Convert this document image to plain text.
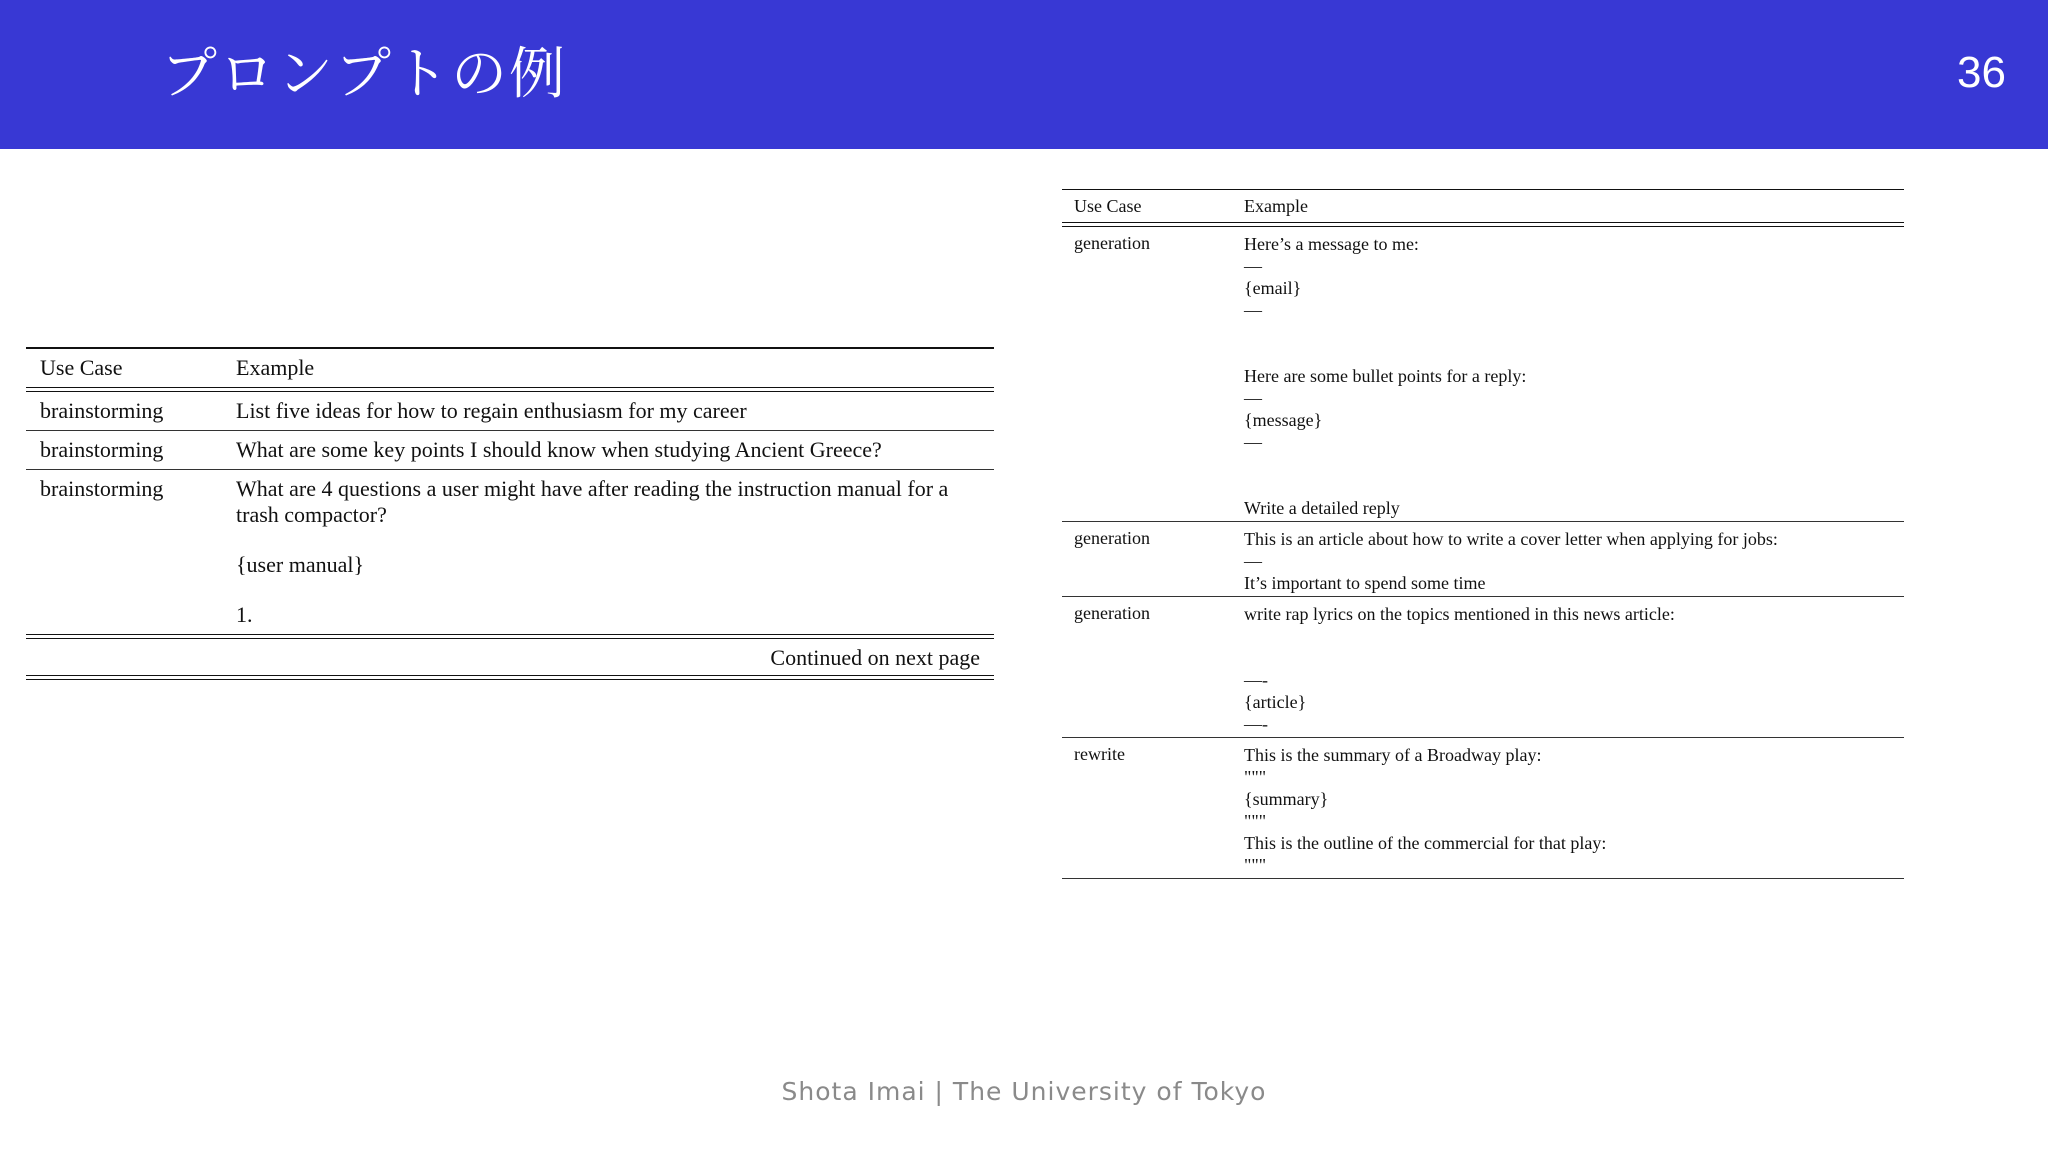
プロンプトの例	36
Use Case	Example
brainstorming	List five ideas for how to regain enthusiasm for my career
brainstorming	What are some key points I should know when studying Ancient Greece?
brainstorming	What are 4 questions a user might have after reading the instruction manual for a
trash compactor?
{user manual}
1.
Continued on next page
Use Case	Example
generation	Here’s a message to me:
—
{email}
—
Here are some bullet points for a reply:
—
{message}
—
Write a detailed reply
generation	This is an article about how to write a cover letter when applying for jobs:
—
It’s important to spend some time
generation	write rap lyrics on the topics mentioned in this news article:
—-
{article}
—-
rewrite	This is the summary of a Broadway play:
"""
{summary}
"""
This is the outline of the commercial for that play:
"""
Shota Imai | The University of Tokyo
